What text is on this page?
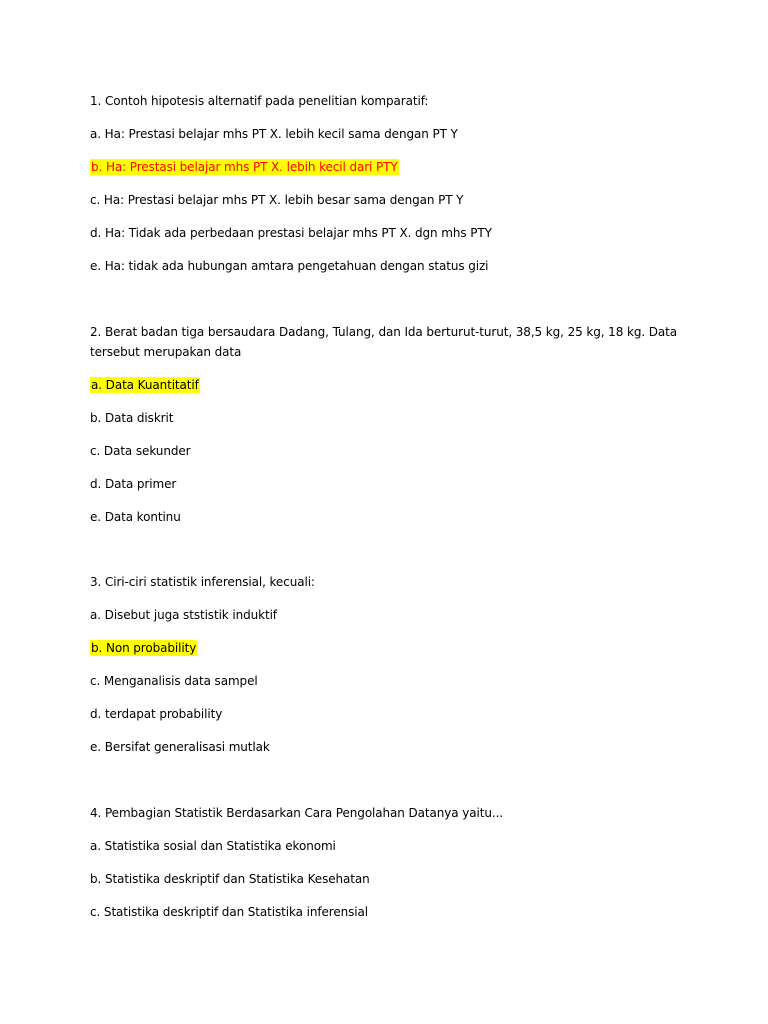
1. Contoh hipotesis alternatif pada penelitian komparatif:
a. Ha: Prestasi belajar mhs PT X. lebih kecil sama dengan PT Y
b. Ha: Prestasi belajar mhs PT X. lebih kecil dari PTY
c. Ha: Prestasi belajar mhs PT X. lebih besar sama dengan PT Y
d. Ha: Tidak ada perbedaan prestasi belajar mhs PT X. dgn mhs PTY
e. Ha: tidak ada hubungan amtara pengetahuan dengan status gizi
2. Berat badan tiga bersaudara Dadang, Tulang, dan Ida berturut-turut, 38,5 kg, 25 kg, 18 kg. Data
tersebut merupakan data
a. Data Kuantitatif
b. Data diskrit
c. Data sekunder
d. Data primer
e. Data kontinu
3. Ciri-ciri statistik inferensial, kecuali:
a. Disebut juga ststistik induktif
b. Non probability
c. Menganalisis data sampel
d. terdapat probability
e. Bersifat generalisasi mutlak
4. Pembagian Statistik Berdasarkan Cara Pengolahan Datanya yaitu...
a. Statistika sosial dan Statistika ekonomi
b. Statistika deskriptif dan Statistika Kesehatan
c. Statistika deskriptif dan Statistika inferensial
